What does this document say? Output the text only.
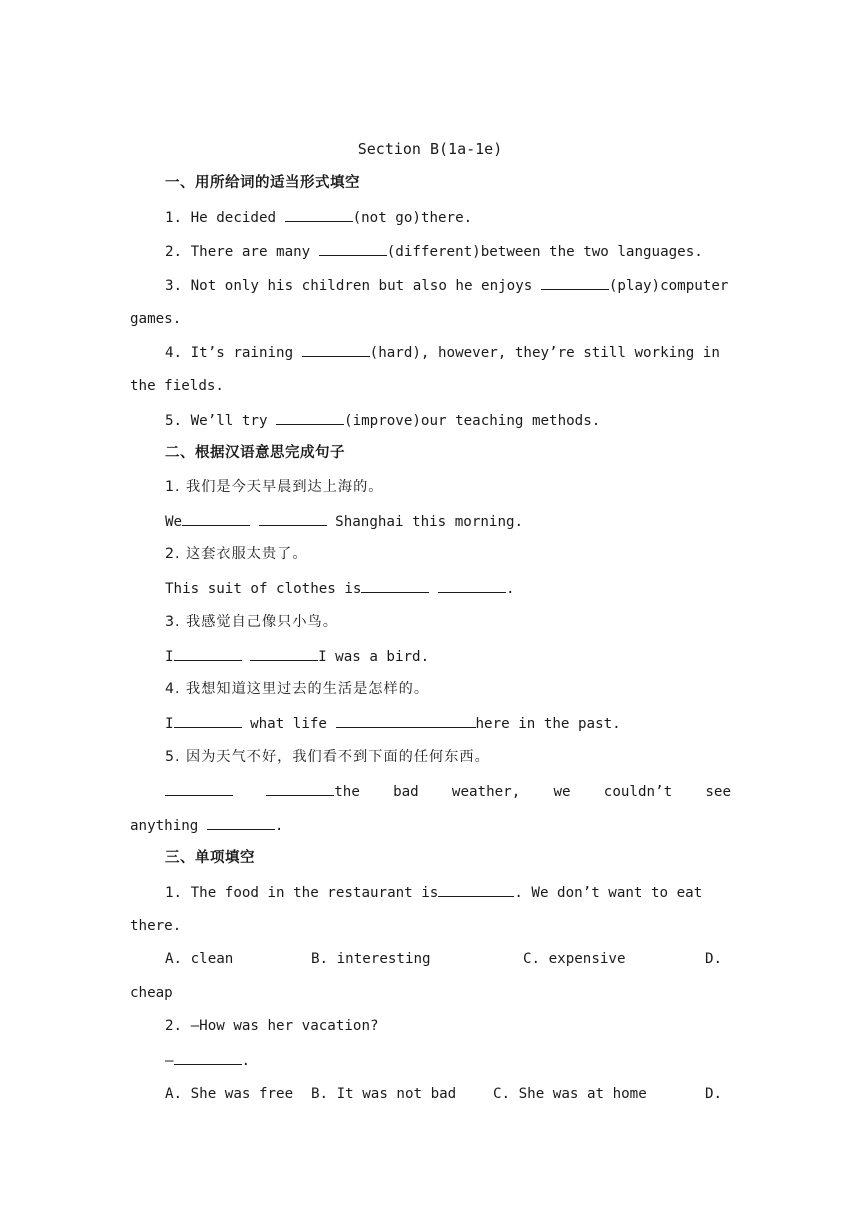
Section B(1a-1e)
一、用所给词的适当形式填空
1. He decided	(not go)there.
2. There are many	(different)between the two languages.
3. Not only his children but also he enjoys	(play)computer
games.
4. It’s raining	(hard), however, they’re still working in
the fields.
5. We’ll try	(improve)our teaching methods.
二、根据汉语意思完成句子
1. 我们是今天早晨到达上海的。
We	Shanghai this morning.
2. 这套衣服太贵了。
This suit of clothes is	.
3. 我感觉自己像只小鸟。
I	I was a bird.
4. 我想知道这里过去的生活是怎样的。
I	what life	here in the past.
5. 因为天气不好，我们看不到下面的任何东西。
the bad weather, we couldn’t see
anything	.
三、单项填空
1. The food in the restaurant is	. We don’t want to eat
there.
A. clean	B. interesting	C. expensive	D.
cheap
2. —How was her vacation?
—	.
A. She was free B. It was not bad	C. She was at home	D.
